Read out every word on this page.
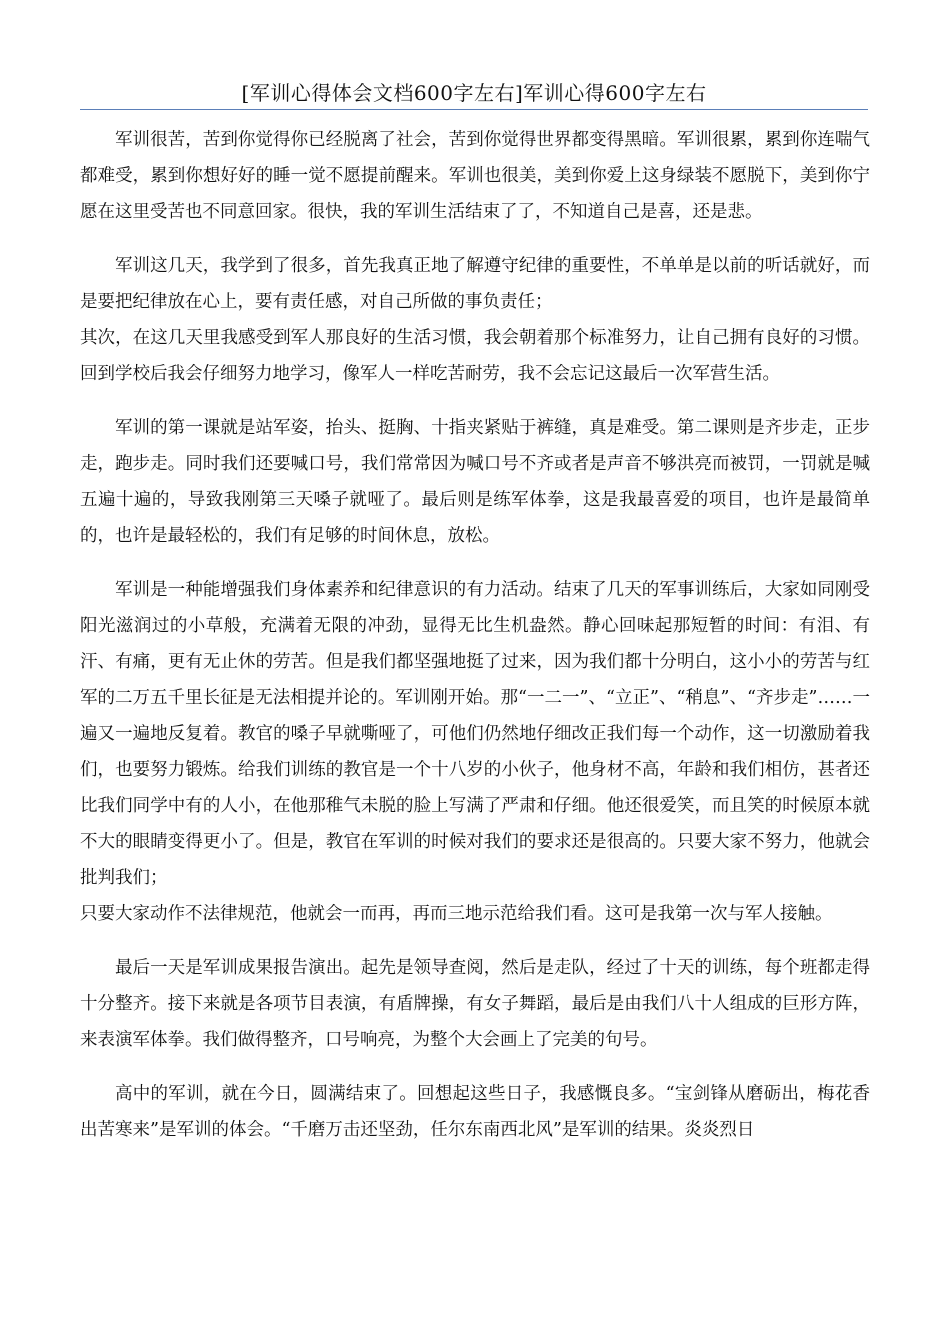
[军训心得体会文档600字左右]军训心得600字左右

军训很苦，苦到你觉得你已经脱离了社会，苦到你觉得世界都变得黑暗。军训很累，累到你连喘气都难受，累到你想好好的睡一觉不愿提前醒来。军训也很美，美到你爱上这身绿装不愿脱下，美到你宁愿在这里受苦也不同意回家。很快，我的军训生活结束了了，不知道自己是喜，还是悲。

军训这几天，我学到了很多，首先我真正地了解遵守纪律的重要性，不单单是以前的听话就好，而是要把纪律放在心上，要有责任感，对自己所做的事负责任；

其次，在这几天里我感受到军人那良好的生活习惯，我会朝着那个标准努力，让自己拥有良好的习惯。回到学校后我会仔细努力地学习，像军人一样吃苦耐劳，我不会忘记这最后一次军营生活。

军训的第一课就是站军姿，抬头、挺胸、十指夹紧贴于裤缝，真是难受。第二课则是齐步走，正步走，跑步走。同时我们还要喊口号，我们常常因为喊口号不齐或者是声音不够洪亮而被罚，一罚就是喊五遍十遍的，导致我刚第三天嗓子就哑了。最后则是练军体拳，这是我最喜爱的项目，也许是最简单的，也许是最轻松的，我们有足够的时间休息，放松。

军训是一种能增强我们身体素养和纪律意识的有力活动。结束了几天的军事训练后，大家如同刚受阳光滋润过的小草般，充满着无限的冲劲，显得无比生机盎然。静心回味起那短暂的时间：有泪、有汗、有痛，更有无止休的劳苦。但是我们都坚强地挺了过来，因为我们都十分明白，这小小的劳苦与红军的二万五千里长征是无法相提并论的。军训刚开始。那“一二一”、“立正”、“稍息”、“齐步走”……一遍又一遍地反复着。教官的嗓子早就嘶哑了，可他们仍然地仔细改正我们每一个动作，这一切激励着我们，也要努力锻炼。给我们训练的教官是一个十八岁的小伙子，他身材不高，年龄和我们相仿，甚者还比我们同学中有的人小，在他那稚气未脱的脸上写满了严肃和仔细。他还很爱笑，而且笑的时候原本就不大的眼睛变得更小了。但是，教官在军训的时候对我们的要求还是很高的。只要大家不努力，他就会批判我们；

只要大家动作不法律规范，他就会一而再，再而三地示范给我们看。这可是我第一次与军人接触。

最后一天是军训成果报告演出。起先是领导查阅，然后是走队，经过了十天的训练，每个班都走得十分整齐。接下来就是各项节目表演，有盾牌操，有女子舞蹈，最后是由我们八十人组成的巨形方阵，来表演军体拳。我们做得整齐，口号响亮，为整个大会画上了完美的句号。

高中的军训，就在今日，圆满结束了。回想起这些日子，我感慨良多。“宝剑锋从磨砺出，梅花香出苦寒来”是军训的体会。“千磨万击还坚劲，任尔东南西北风”是军训的结果。炎炎烈日
